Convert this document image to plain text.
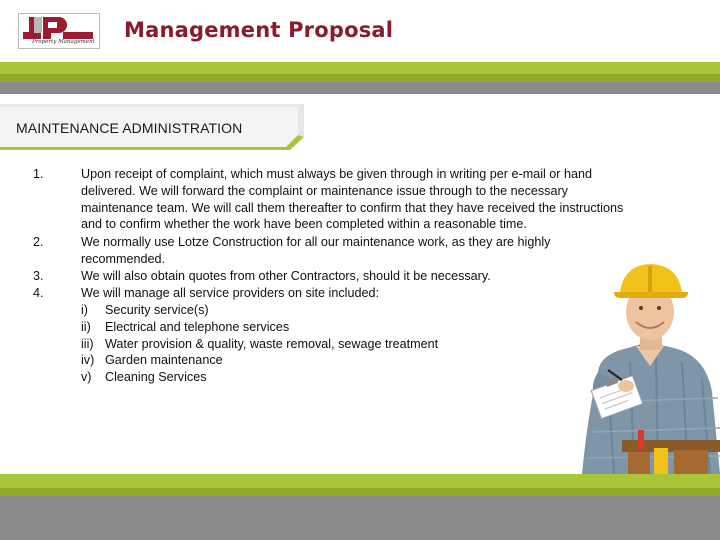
Property Management Management Proposal
MAINTENANCE ADMINISTRATION
1.	Upon receipt of complaint, which must always be given through in writing per e-mail or hand
delivered. We will forward the complaint or maintenance issue through to the necessary
maintenance team. We will call them thereafter to confirm that they have received the instructions
and to confirm whether the work have been completed within a reasonable time.
2.	We normally use Lotze Construction for all our maintenance work, as they are highly
recommended.
3.	We will also obtain quotes from other Contractors, should it be necessary.
4.	We will manage all service providers on site included:
i) Security service(s)
ii) Electrical and telephone services
iii) Water provision & quality, waste removal, sewage treatment
iv) Garden maintenance
v) Cleaning Services
